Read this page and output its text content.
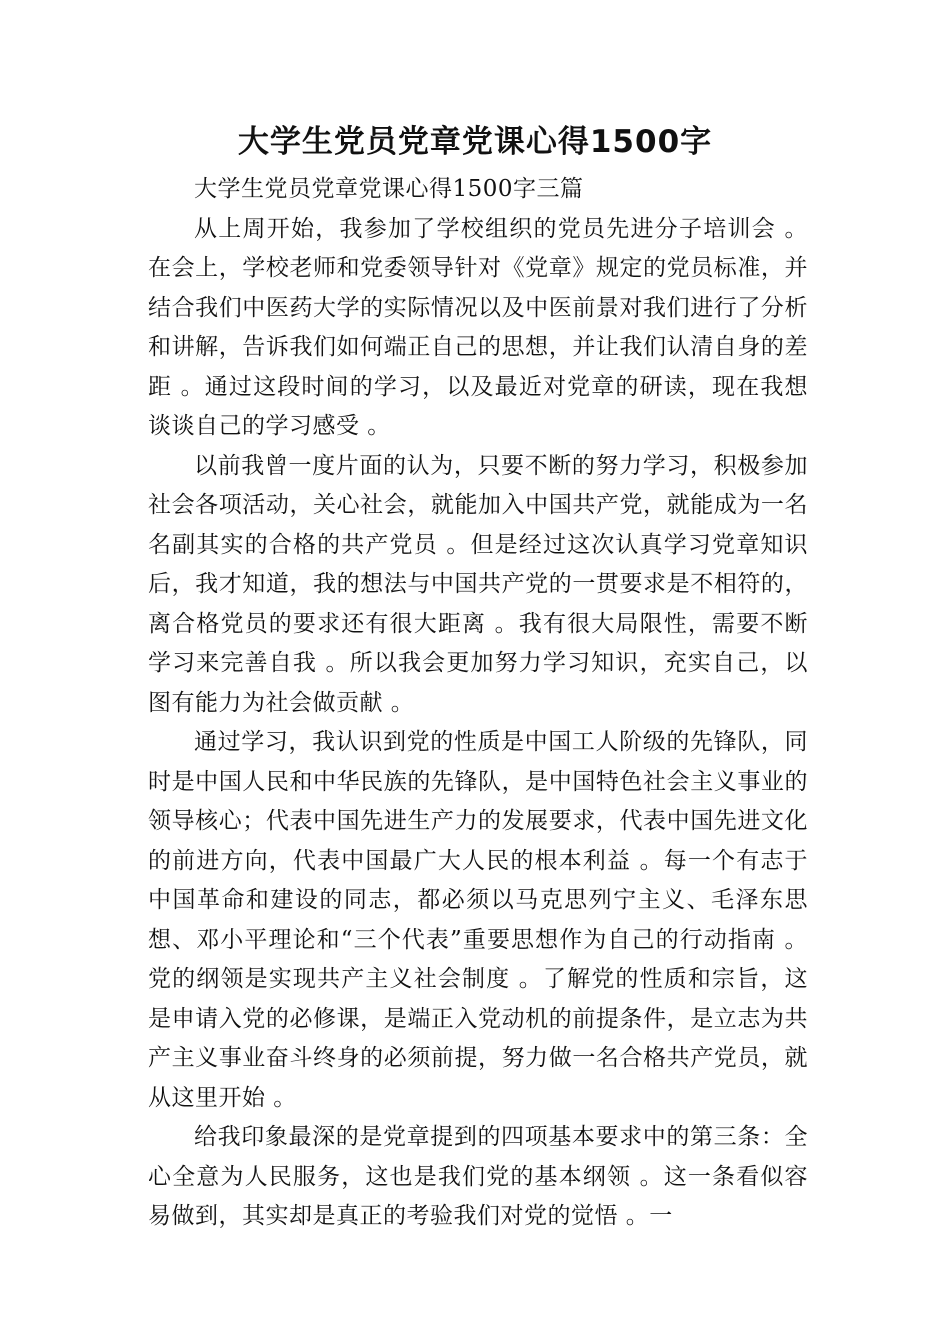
大学生党员党章党课心得1500字

大学生党员党章党课心得1500字三篇

从上周开始，我参加了学校组织的党员先进分子培训会 。在会上，学校老师和党委领导针对《党章》规定的党员标准，并结合我们中医药大学的实际情况以及中医前景对我们进行了分析和讲解，告诉我们如何端正自己的思想，并让我们认清自身的差距 。通过这段时间的学习，以及最近对党章的研读，现在我想谈谈自己的学习感受 。

以前我曾一度片面的认为，只要不断的努力学习，积极参加社会各项活动，关心社会，就能加入中国共产党，就能成为一名名副其实的合格的共产党员 。但是经过这次认真学习党章知识后，我才知道，我的想法与中国共产党的一贯要求是不相符的，离合格党员的要求还有很大距离 。我有很大局限性，需要不断学习来完善自我 。所以我会更加努力学习知识，充实自己，以图有能力为社会做贡献 。

通过学习，我认识到党的性质是中国工人阶级的先锋队，同时是中国人民和中华民族的先锋队，是中国特色社会主义事业的领导核心；代表中国先进生产力的发展要求，代表中国先进文化的前进方向，代表中国最广大人民的根本利益 。每一个有志于中国革命和建设的同志，都必须以马克思列宁主义、毛泽东思想、邓小平理论和“三个代表”重要思想作为自己的行动指南 。党的纲领是实现共产主义社会制度 。了解党的性质和宗旨，这是申请入党的必修课，是端正入党动机的前提条件，是立志为共产主义事业奋斗终身的必须前提，努力做一名合格共产党员，就从这里开始 。

给我印象最深的是党章提到的四项基本要求中的第三条：全心全意为人民服务，这也是我们党的基本纲领 。这一条看似容易做到，其实却是真正的考验我们对党的觉悟 。一
